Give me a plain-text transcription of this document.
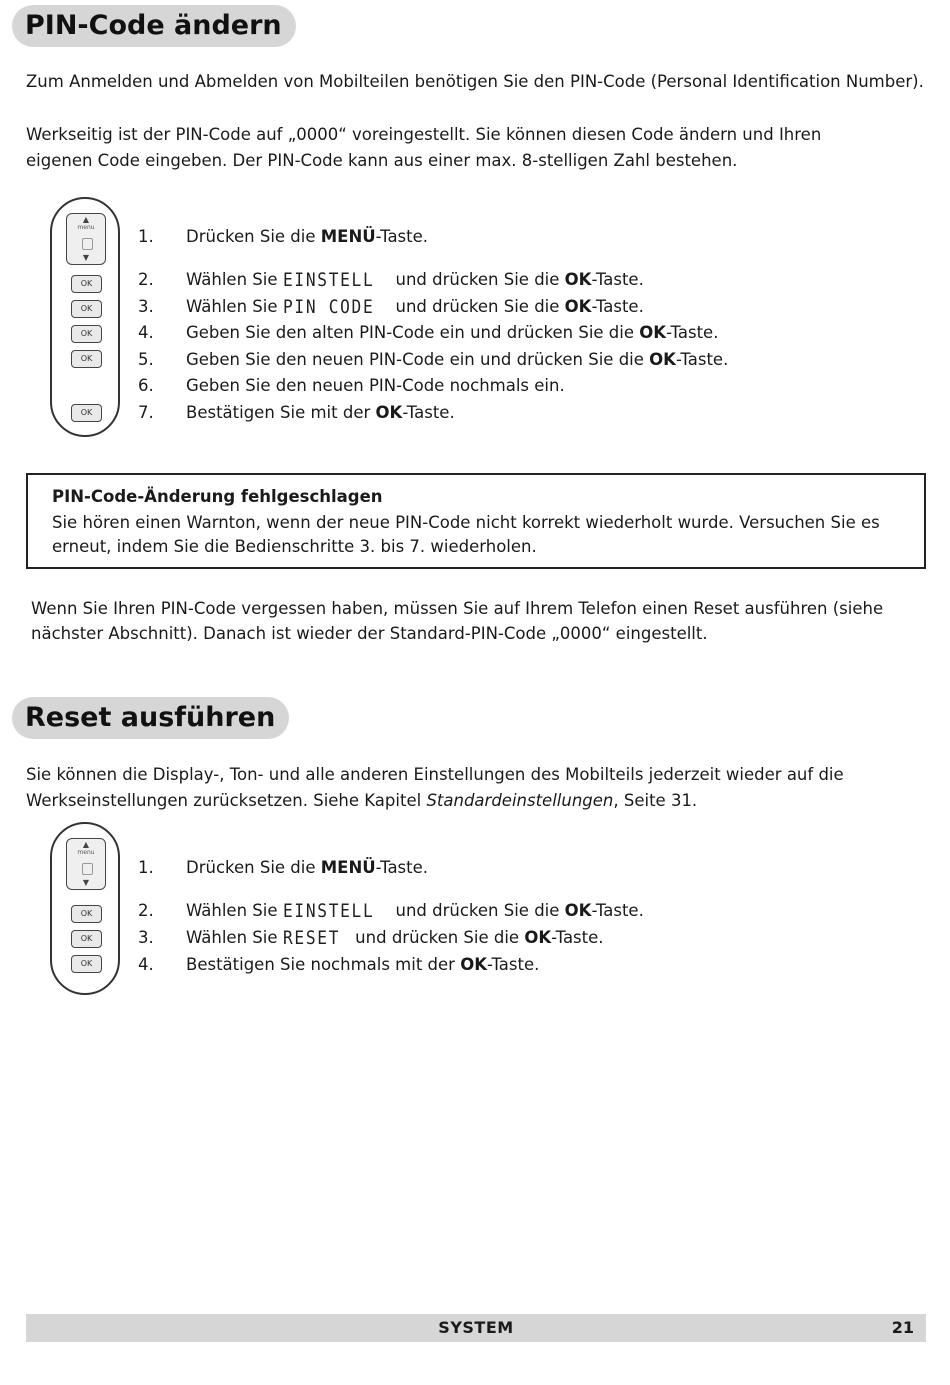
PIN-Code ändern

Zum Anmelden und Abmelden von Mobilteilen benötigen Sie den PIN-Code (Personal Identification Number).

Werkseitig ist der PIN-Code auf „0000“ voreingestellt. Sie können diesen Code ändern und Ihren eigenen Code eingeben. Der PIN-Code kann aus einer max. 8-stelligen Zahl bestehen.

▲
menu
▼
OK
OK
OK
OK
OK
1. Drücken Sie die MENÜ-Taste.
2. Wählen Sie EINSTELL und drücken Sie die OK-Taste.
3. Wählen Sie PIN CODE und drücken Sie die OK-Taste.
4. Geben Sie den alten PIN-Code ein und drücken Sie die OK-Taste.
5. Geben Sie den neuen PIN-Code ein und drücken Sie die OK-Taste.
6. Geben Sie den neuen PIN-Code nochmals ein.
7. Bestätigen Sie mit der OK-Taste.

PIN-Code-Änderung fehlgeschlagen

Sie hören einen Warnton, wenn der neue PIN-Code nicht korrekt wiederholt wurde. Versuchen Sie es erneut, indem Sie die Bedienschritte 3. bis 7. wiederholen.

Wenn Sie Ihren PIN-Code vergessen haben, müssen Sie auf Ihrem Telefon einen Reset ausführen (siehe nächster Abschnitt). Danach ist wieder der Standard-PIN-Code „0000“ eingestellt.

Reset ausführen

Sie können die Display-, Ton- und alle anderen Einstellungen des Mobilteils jederzeit wieder auf die Werkseinstellungen zurücksetzen. Siehe Kapitel Standardeinstellungen, Seite 31.

▲
menu
▼
OK
OK
OK
1. Drücken Sie die MENÜ-Taste.
2. Wählen Sie EINSTELL und drücken Sie die OK-Taste.
3. Wählen Sie RESET und drücken Sie die OK-Taste.
4. Bestätigen Sie nochmals mit der OK-Taste.
SYSTEM	21
